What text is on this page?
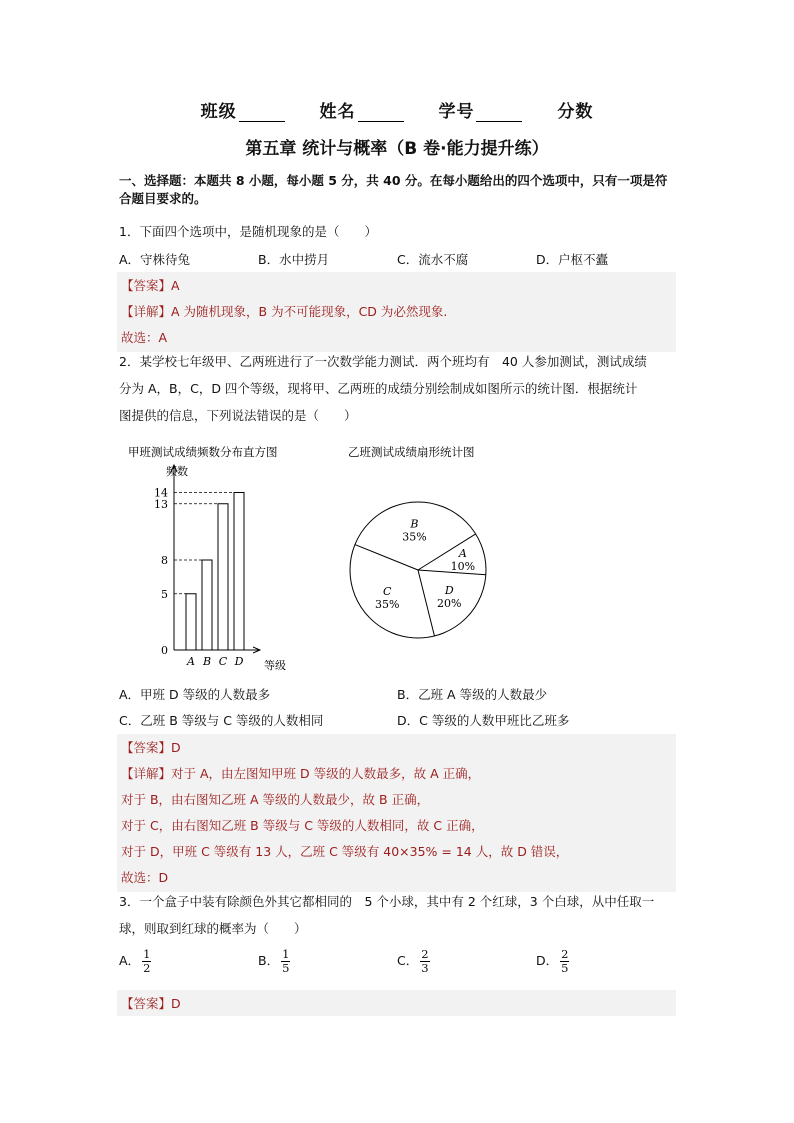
班级	姓名	学号	分数
第五章 统计与概率（B 卷·能力提升练）
一、选择题：本题共 8 小题，每小题 5 分，共 40 分。在每小题给出的四个选项中，只有一项是符合题目要求的。
1．下面四个选项中，是随机现象的是（　　）
A．守株待兔	B．水中捞月	C．流水不腐	D．户枢不蠹
【答案】A
【详解】A 为随机现象，B 为不可能现象，CD 为必然现象.
故选：A
2．某学校七年级甲、乙两班进行了一次数学能力测试．两个班均有　40 人参加测试，测试成绩
分为 A，B，C，D 四个等级，现将甲、乙两班的成绩分别绘制成如图所示的统计图．根据统计
图提供的信息，下列说法错误的是（　　）
甲班测试成绩频数分布直方图
频数
等级
0
5
8
13
14
A B C D
乙班测试成绩扇形统计图
A
10%
D
20%
C
35%
B
35%
A．甲班 D 等级的人数最多	B．乙班 A 等级的人数最少
C．乙班 B 等级与 C 等级的人数相同	D．C 等级的人数甲班比乙班多
【答案】D
【详解】对于 A，由左图知甲班 D 等级的人数最多，故 A 正确，
对于 B，由右图知乙班 A 等级的人数最少，故 B 正确，
对于 C，由右图知乙班 B 等级与 C 等级的人数相同，故 C 正确，
对于 D，甲班 C 等级有 13 人，乙班 C 等级有 40×35% = 14 人，故 D 错误，
故选：D
3．一个盒子中装有除颜色外其它都相同的　5 个小球，其中有 2 个红球，3 个白球，从中任取一
球，则取到红球的概率为（　　）
A． $\frac{1}{2}$	B． $\frac{1}{5}$	C． $\frac{2}{3}$	D． $\frac{2}{5}$
【答案】D
